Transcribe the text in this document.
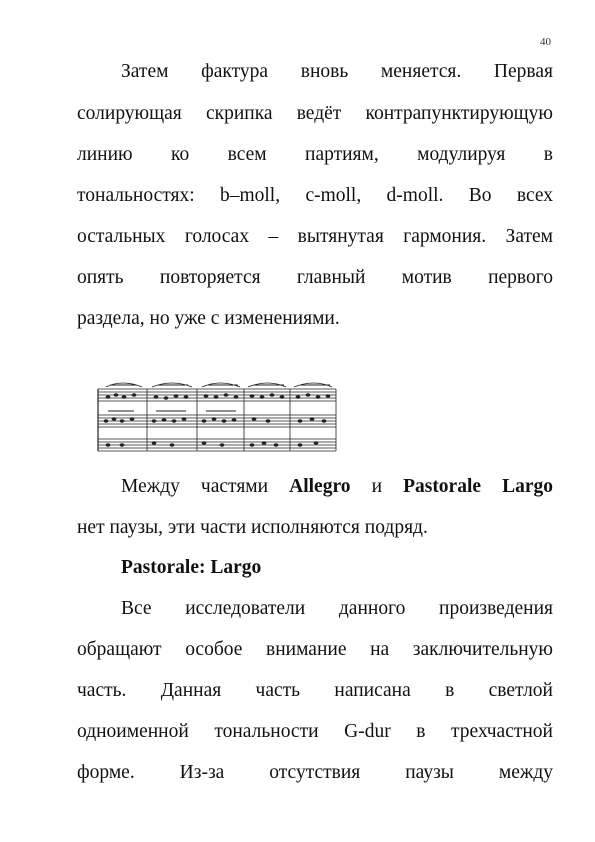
40
Затем фактура вновь меняется. Первая
солирующая скрипка ведёт контрапунктирующую
линию ко всем партиям, модулируя в
тональностях: b–moll, c-moll, d-moll. Во всех
остальных голосах – вытянутая гармония. Затем
опять повторяется главный мотив первого
раздела, но уже с изменениями.
Между частями Allegro и Pastorale Largo
нет паузы, эти части исполняются подряд.
Pastorale: Largo
Все исследователи данного произведения
обращают особое внимание на заключительную
часть. Данная часть написана в светлой
одноименной тональности G-dur в трехчастной
форме. Из-за отсутствия паузы между
